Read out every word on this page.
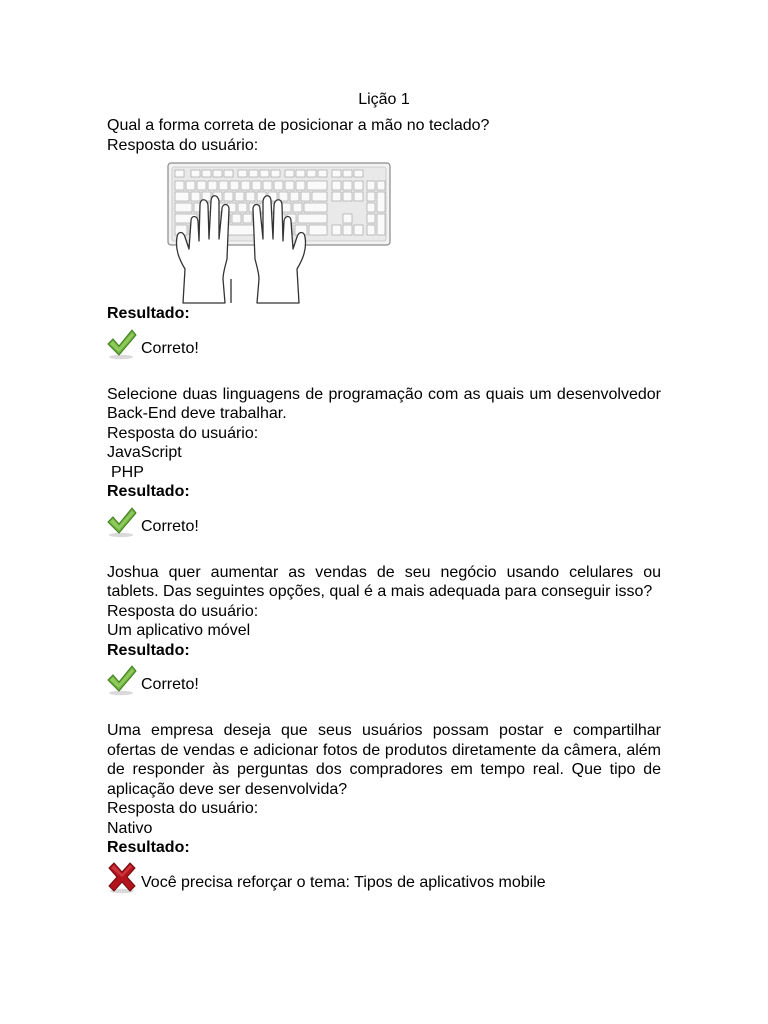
Lição 1
Qual a forma correta de posicionar a mão no teclado?
Resposta do usuário:
Resultado:
Correto!
Selecione duas linguagens de programação com as quais um desenvolvedor Back-End deve trabalhar.
Resposta do usuário:
JavaScript
PHP
Resultado:
Correto!
Joshua quer aumentar as vendas de seu negócio usando celulares ou tablets. Das seguintes opções, qual é a mais adequada para conseguir isso?
Resposta do usuário:
Um aplicativo móvel
Resultado:
Correto!
Uma empresa deseja que seus usuários possam postar e compartilhar ofertas de vendas e adicionar fotos de produtos diretamente da câmera, além de responder às perguntas dos compradores em tempo real. Que tipo de aplicação deve ser desenvolvida?
Resposta do usuário:
Nativo
Resultado:
Você precisa reforçar o tema: Tipos de aplicativos mobile
